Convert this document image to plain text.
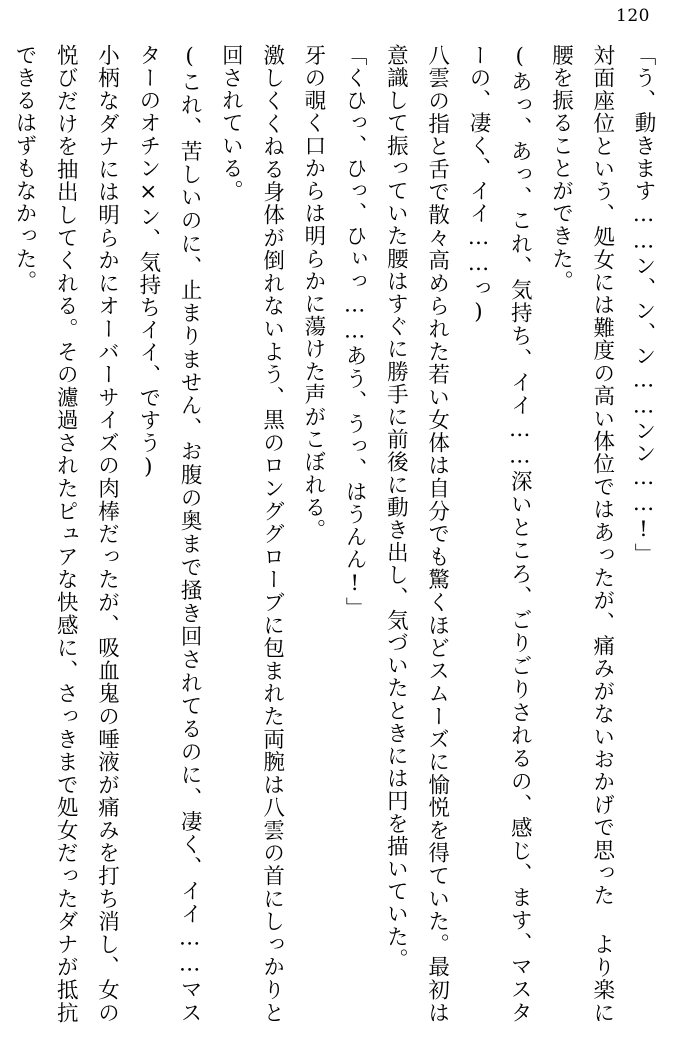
120

「う、動きます……ン、ン、ン……ンン……!」

対面座位という、処女には難度の高い体位ではあったが、痛みがないおかげで思った より楽に腰を振ることができた。

(あっ、あっ、これ、気持ち、イイ……深いところ、ごりごりされるの、感じ、ます、マスターの、凄く、イイ……っ)

八雲の指と舌で散々高められた若い女体は自分でも驚くほどスムーズに愉悦を得ていた。最初は意識して振っていた腰はすぐに勝手に前後に動き出し、気づいたときには円を描いていた。

「くひっ、ひっ、ひぃっ……あう、うっ、はうんん!」

牙の覗く口からは明らかに蕩けた声がこぼれる。

激しくくねる身体が倒れないよう、黒のロンググローブに包まれた両腕は八雲の首にしっかりと回されている。

(これ、苦しいのに、止まりません、お腹の奥まで掻き回されてるのに、凄く、イイ……マスターのオチン×ン、気持ちイイ、ですう)

小柄なダナには明らかにオーバーサイズの肉棒だったが、吸血鬼の唾液が痛みを打ち消し、女の悦びだけを抽出してくれる。その濾過されたピュアな快感に、さっきまで処女だったダナが抵抗できるはずもなかった。
